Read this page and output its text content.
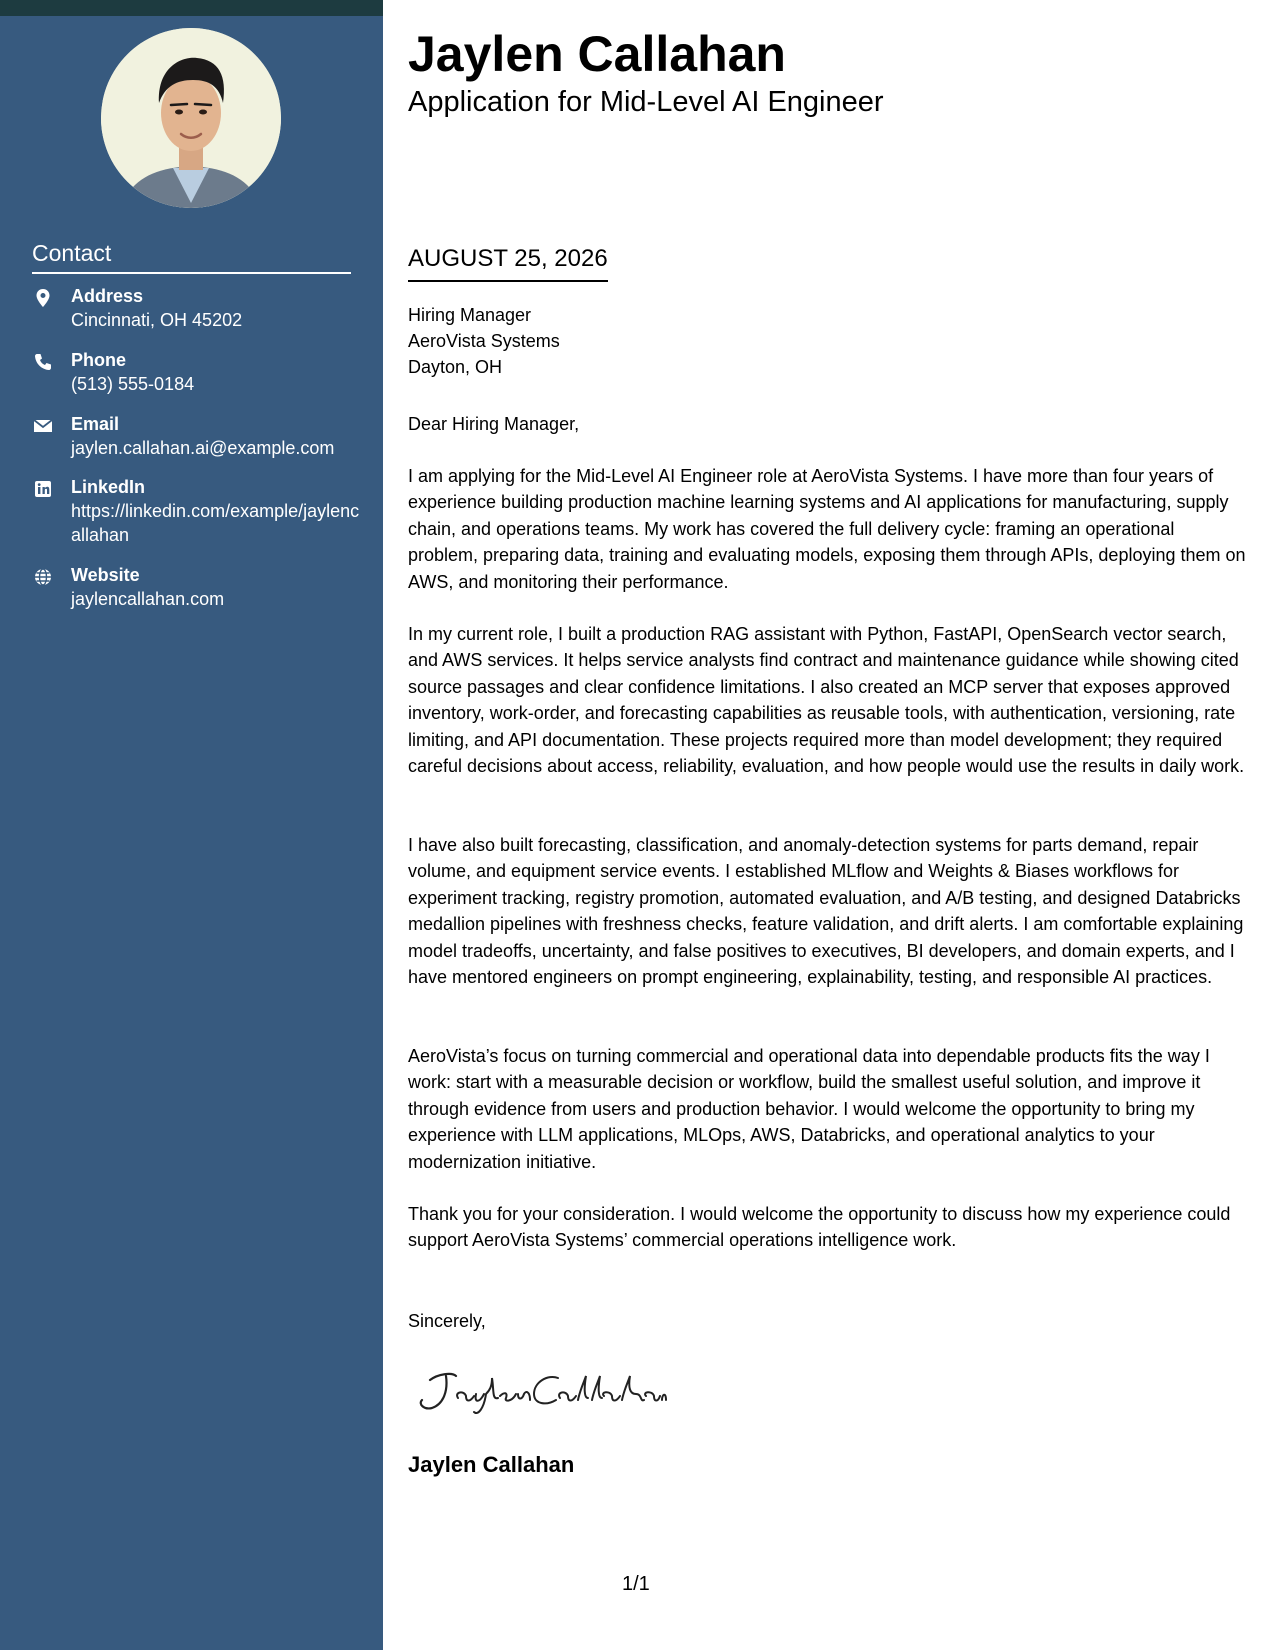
Contact
Address
Cincinnati, OH 45202
Phone
(513) 555-0184
Email
jaylen.callahan.ai@example.com
LinkedIn
https://linkedin.com/example/jaylencallahan
Website
jaylencallahan.com
Jaylen Callahan
Application for Mid-Level AI Engineer
AUGUST 25, 2026
Hiring Manager
AeroVista Systems
Dayton, OH
Dear Hiring Manager,

I am applying for the Mid-Level AI Engineer role at AeroVista Systems. I have more than four years of experience building production machine learning systems and AI applications for manufacturing, supply chain, and operations teams. My work has covered the full delivery cycle: framing an operational problem, preparing data, training and evaluating models, exposing them through APIs, deploying them on AWS, and monitoring their performance.

In my current role, I built a production RAG assistant with Python, FastAPI, OpenSearch vector search, and AWS services. It helps service analysts find contract and maintenance guidance while showing cited source passages and clear confidence limitations. I also created an MCP server that exposes approved inventory, work-order, and forecasting capabilities as reusable tools, with authentication, versioning, rate limiting, and API documentation. These projects required more than model development; they required careful decisions about access, reliability, evaluation, and how people would use the results in daily work.

I have also built forecasting, classification, and anomaly-detection systems for parts demand, repair volume, and equipment service events. I established MLflow and Weights & Biases workflows for experiment tracking, registry promotion, automated evaluation, and A/B testing, and designed Databricks medallion pipelines with freshness checks, feature validation, and drift alerts. I am comfortable explaining model tradeoffs, uncertainty, and false positives to executives, BI developers, and domain experts, and I have mentored engineers on prompt engineering, explainability, testing, and responsible AI practices.

AeroVista’s focus on turning commercial and operational data into dependable products fits the way I work: start with a measurable decision or workflow, build the smallest useful solution, and improve it through evidence from users and production behavior. I would welcome the opportunity to bring my experience with LLM applications, MLOps, AWS, Databricks, and operational analytics to your modernization initiative.

Thank you for your consideration. I would welcome the opportunity to discuss how my experience could support AeroVista Systems’ commercial operations intelligence work.

Sincerely,
Jaylen Callahan
1/1
